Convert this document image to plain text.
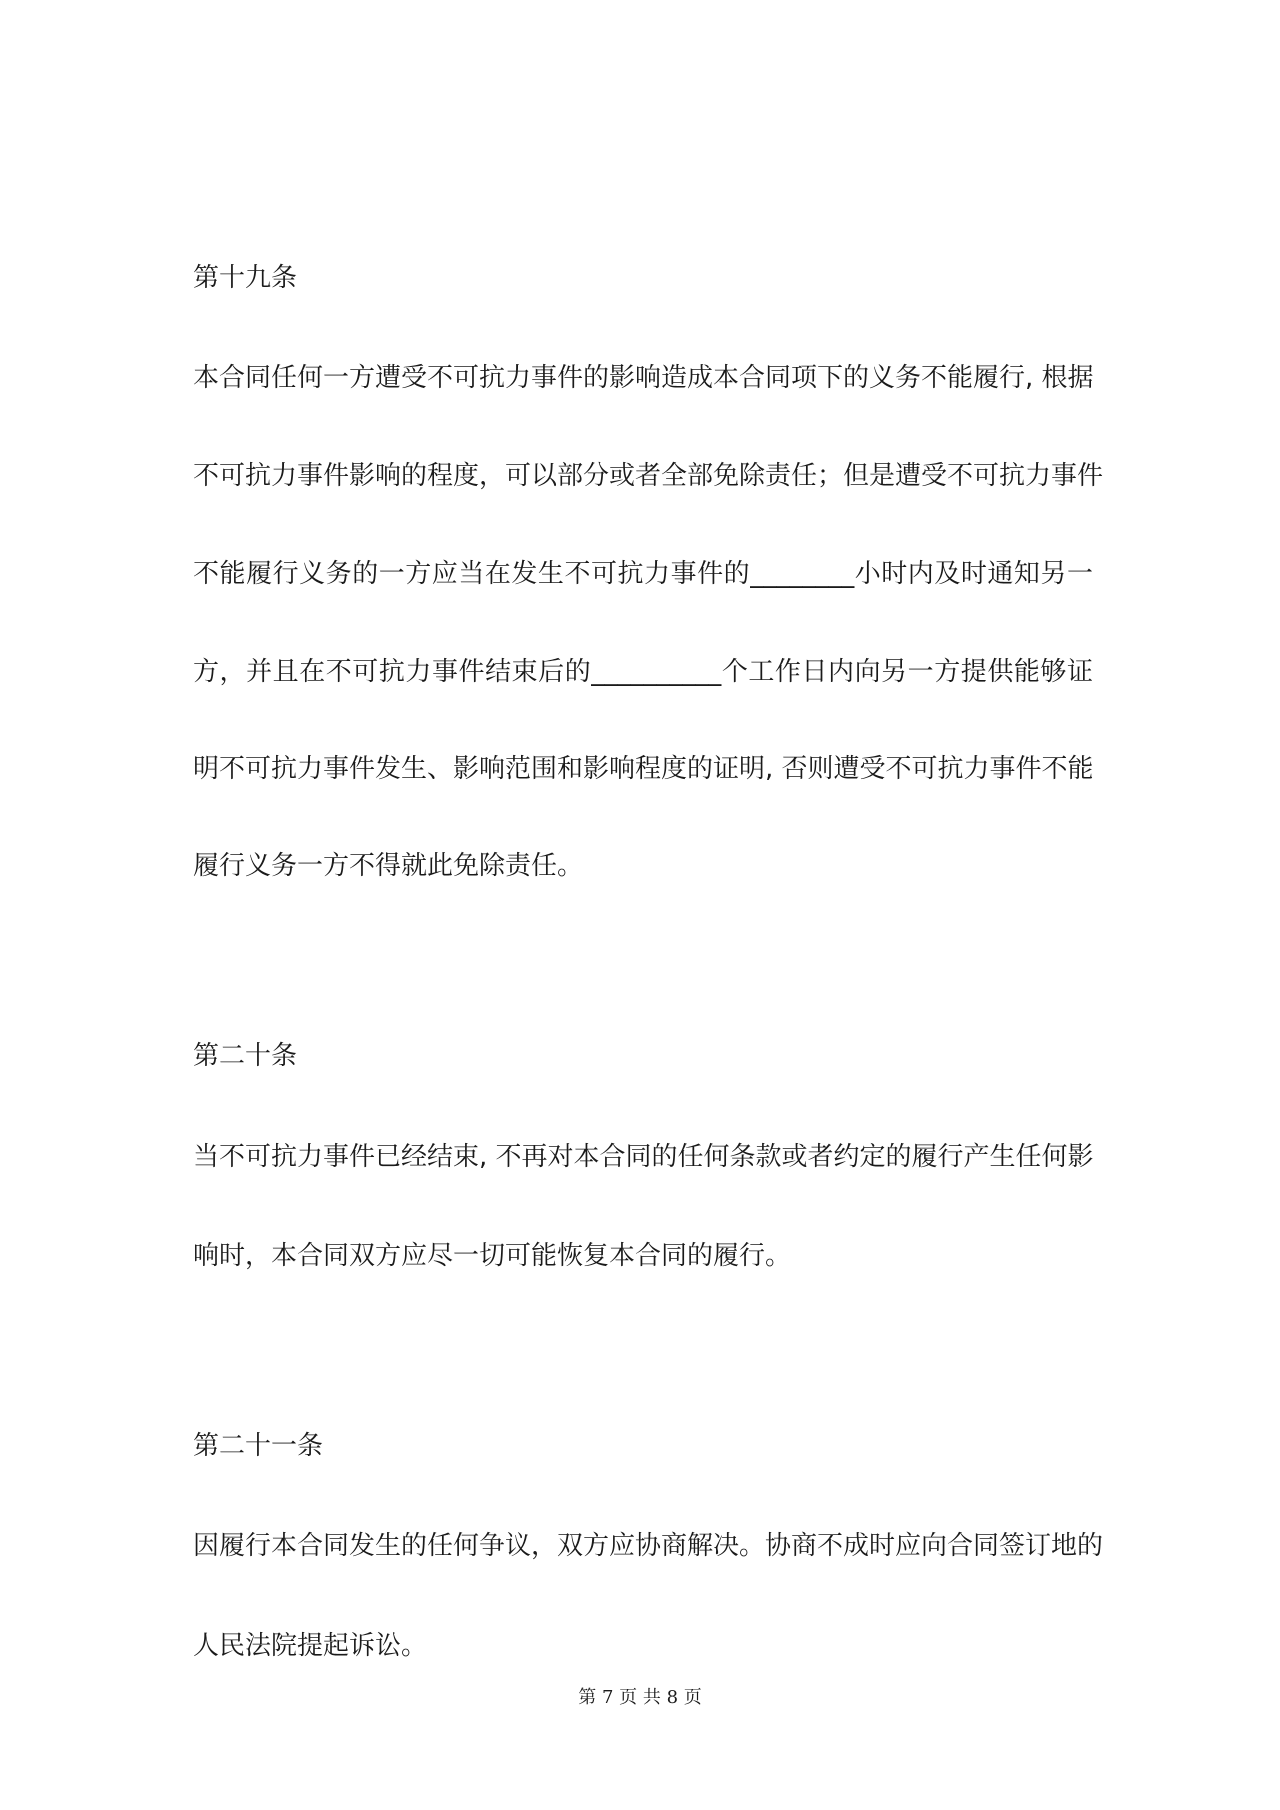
第十九条
本合同任何一方遭受不可抗力事件的影响造成本合同项下的义务不能履行, 根据
不可抗力事件影响的程度，可以部分或者全部免除责任；但是遭受不可抗力事件
不能履行义务的一方应当在发生不可抗力事件的________小时内及时通知另一
方，并且在不可抗力事件结束后的__________个工作日内向另一方提供能够证
明不可抗力事件发生、影响范围和影响程度的证明, 否则遭受不可抗力事件不能
履行义务一方不得就此免除责任。
第二十条
当不可抗力事件已经结束, 不再对本合同的任何条款或者约定的履行产生任何影
响时，本合同双方应尽一切可能恢复本合同的履行。
第二十一条
因履行本合同发生的任何争议，双方应协商解决。协商不成时应向合同签订地的
人民法院提起诉讼。
第 7 页 共 8 页
